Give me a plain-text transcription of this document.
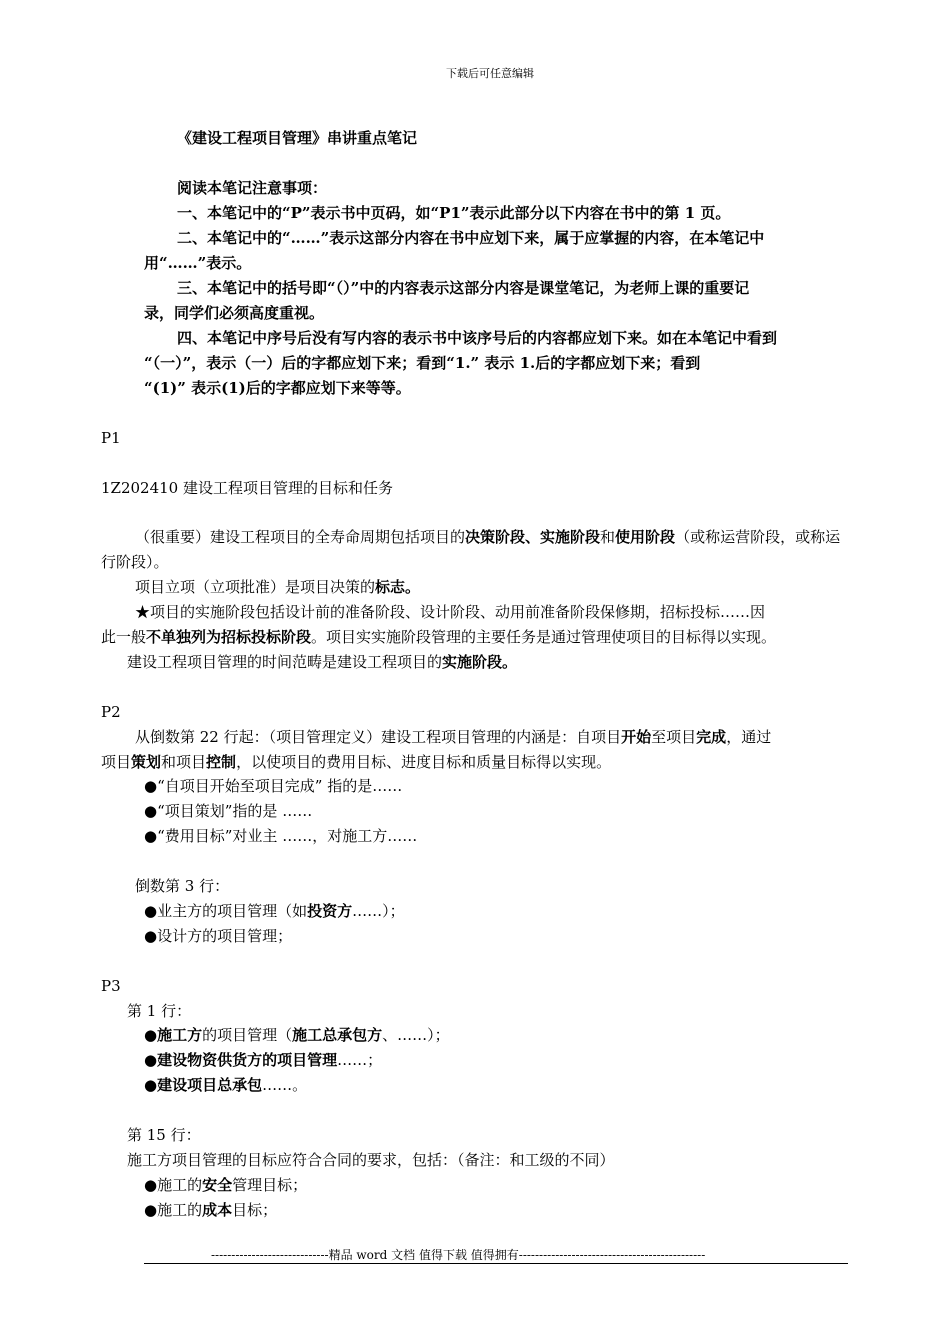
下载后可任意编辑
《建设工程项目管理》串讲重点笔记
阅读本笔记注意事项：
一、本笔记中的“P”表示书中页码，如“P1”表示此部分以下内容在书中的第 1 页。
二、本笔记中的“……”表示这部分内容在书中应划下来，属于应掌握的内容，在本笔记中
用“……”表示。
三、本笔记中的括号即“（）”中的内容表示这部分内容是课堂笔记，为老师上课的重要记
录，同学们必须高度重视。
四、本笔记中序号后没有写内容的表示书中该序号后的内容都应划下来。如在本笔记中看到
“（一）”，表示（一）后的字都应划下来；看到“1.” 表示 1.后的字都应划下来；看到
“(1)” 表示(1)后的字都应划下来等等。
P1
1Z202410 建设工程项目管理的目标和任务
（很重要）建设工程项目的全寿命周期包括项目的决策阶段、实施阶段和使用阶段（或称运营阶段，或称运
行阶段）。
项目立项（立项批准）是项目决策的标志。
★项目的实施阶段包括设计前的准备阶段、设计阶段、动用前准备阶段保修期，招标投标……因
此一般不单独列为招标投标阶段。项目实实施阶段管理的主要任务是通过管理使项目的目标得以实现。
建设工程项目管理的时间范畴是建设工程项目的实施阶段。
P2
从倒数第 22 行起：（项目管理定义）建设工程项目管理的内涵是：自项目开始至项目完成，通过
项目策划和项目控制，以使项目的费用目标、进度目标和质量目标得以实现。
●“自项目开始至项目完成” 指的是……
●“项目策划”指的是 ……
●“费用目标”对业主 ……，对施工方……
倒数第 3 行：
●业主方的项目管理（如投资方……）；
●设计方的项目管理；
P3
第 1 行：
●施工方的项目管理（施工总承包方、……）；
●建设物资供货方的项目管理……；
●建设项目总承包……。
第 15 行：
施工方项目管理的目标应符合合同的要求，包括：（备注：和工级的不同）
●施工的安全管理目标；
●施工的成本目标；
-----------------------------精品 word 文档 值得下载 值得拥有----------------------------------------------
